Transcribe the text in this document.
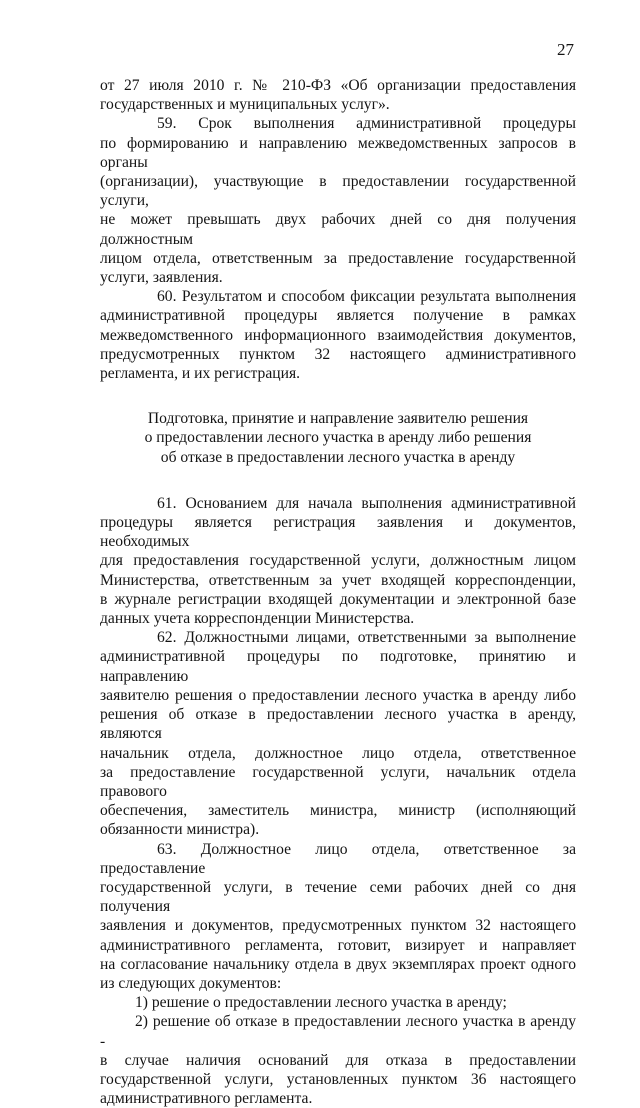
27

от 27 июля 2010 г. № 210-ФЗ «Об организации предоставления

государственных и муниципальных услуг».

59. Срок выполнения административной процедуры

по формированию и направлению межведомственных запросов в органы

(организации), участвующие в предоставлении государственной услуги,

не может превышать двух рабочих дней со дня получения должностным

лицом отдела, ответственным за предоставление государственной

услуги, заявления.

60. Результатом и способом фиксации результата выполнения

административной процедуры является получение в рамках

межведомственного информационного взаимодействия документов,

предусмотренных пунктом 32 настоящего административного

регламента, и их регистрация.

Подготовка, принятие и направление заявителю решения
о предоставлении лесного участка в аренду либо решения
об отказе в предоставлении лесного участка в аренду

61. Основанием для начала выполнения административной

процедуры является регистрация заявления и документов, необходимых

для предоставления государственной услуги, должностным лицом

Министерства, ответственным за учет входящей корреспонденции,

в журнале регистрации входящей документации и электронной базе

данных учета корреспонденции Министерства.

62. Должностными лицами, ответственными за выполнение

административной процедуры по подготовке, принятию и направлению

заявителю решения о предоставлении лесного участка в аренду либо

решения об отказе в предоставлении лесного участка в аренду, являются

начальник отдела, должностное лицо отдела, ответственное

за предоставление государственной услуги, начальник отдела правового

обеспечения, заместитель министра, министр (исполняющий

обязанности министра).

63. Должностное лицо отдела, ответственное за предоставление

государственной услуги, в течение семи рабочих дней со дня получения

заявления и документов, предусмотренных пунктом 32 настоящего

административного регламента, готовит, визирует и направляет

на согласование начальнику отдела в двух экземплярах проект одного

из следующих документов:

1) решение о предоставлении лесного участка в аренду;

2) решение об отказе в предоставлении лесного участка в аренду -

в случае наличия оснований для отказа в предоставлении

государственной услуги, установленных пунктом 36 настоящего

административного регламента.
